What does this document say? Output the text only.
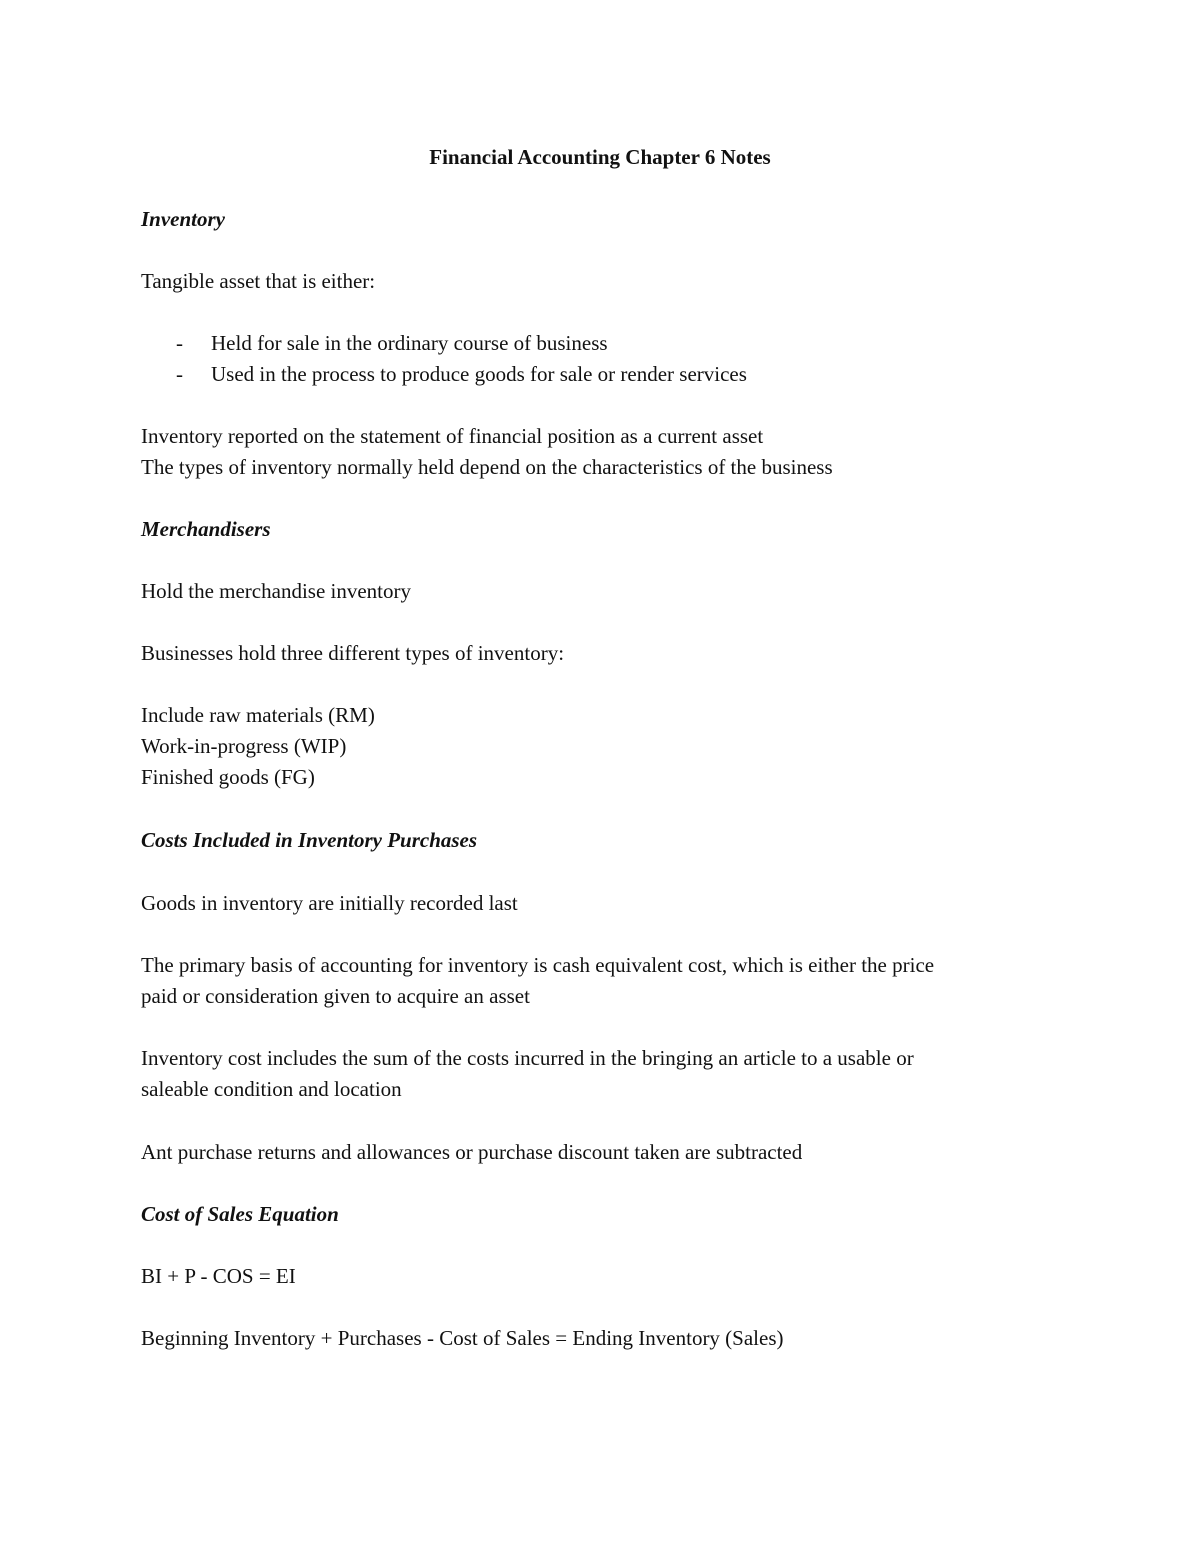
Financial Accounting Chapter 6 Notes
Inventory
Tangible asset that is either:
- Held for sale in the ordinary course of business
- Used in the process to produce goods for sale or render services
Inventory reported on the statement of financial position as a current asset
The types of inventory normally held depend on the characteristics of the business
Merchandisers
Hold the merchandise inventory
Businesses hold three different types of inventory:
Include raw materials (RM)
Work-in-progress (WIP)
Finished goods (FG)
Costs Included in Inventory Purchases
Goods in inventory are initially recorded last
The primary basis of accounting for inventory is cash equivalent cost, which is either the price
paid or consideration given to acquire an asset
Inventory cost includes the sum of the costs incurred in the bringing an article to a usable or
saleable condition and location
Ant purchase returns and allowances or purchase discount taken are subtracted
Cost of Sales Equation
BI + P - COS = EI
Beginning Inventory + Purchases - Cost of Sales = Ending Inventory (Sales)
